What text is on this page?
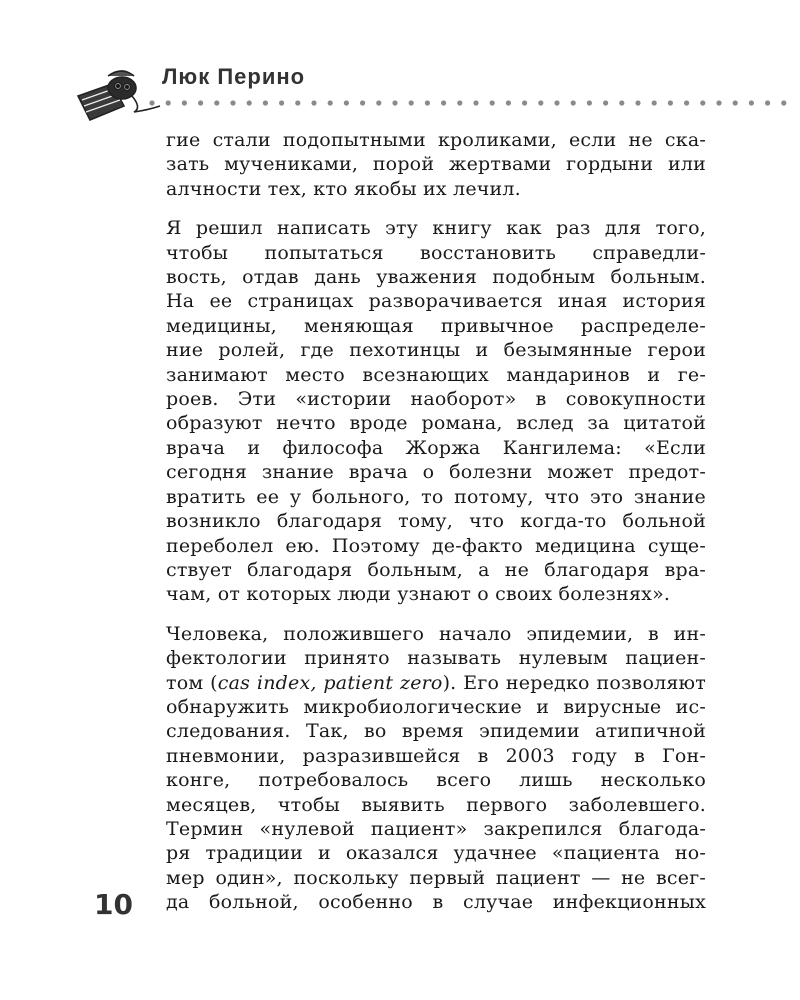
Люк Перино

гие стали подопытными кроликами, если не ска-
зать мучениками, порой жертвами гордыни или
алчности тех, кто якобы их лечил.

Я решил написать эту книгу как раз для того,
чтобы попытаться восстановить справедли-
вость, отдав дань уважения подобным больным.
На ее страницах разворачивается иная история
медицины, меняющая привычное распределе-
ние ролей, где пехотинцы и безымянные герои
занимают место всезнающих мандаринов и ге-
роев. Эти «истории наоборот» в совокупности
образуют нечто вроде романа, вслед за цитатой
врача и философа Жоржа Кангилема: «Если
сегодня знание врача о болезни может предот-
вратить ее у больного, то потому, что это знание
возникло благодаря тому, что когда-то больной
переболел ею. Поэтому де-факто медицина суще-
ствует благодаря больным, а не благодаря вра-
чам, от которых люди узнают о своих болезнях».

Человека, положившего начало эпидемии, в ин-
фектологии принято называть нулевым пациен-
том (cas index, patient zero). Его нередко позволяют
обнаружить микробиологические и вирусные ис-
следования. Так, во время эпидемии атипичной
пневмонии, разразившейся в 2003 году в Гон-
конге, потребовалось всего лишь несколько
месяцев, чтобы выявить первого заболевшего.
Термин «нулевой пациент» закрепился благода-
ря традиции и оказался удачнее «пациента но-
мер один», поскольку первый пациент — не всег-
да больной, особенно в случае инфекционных

10
